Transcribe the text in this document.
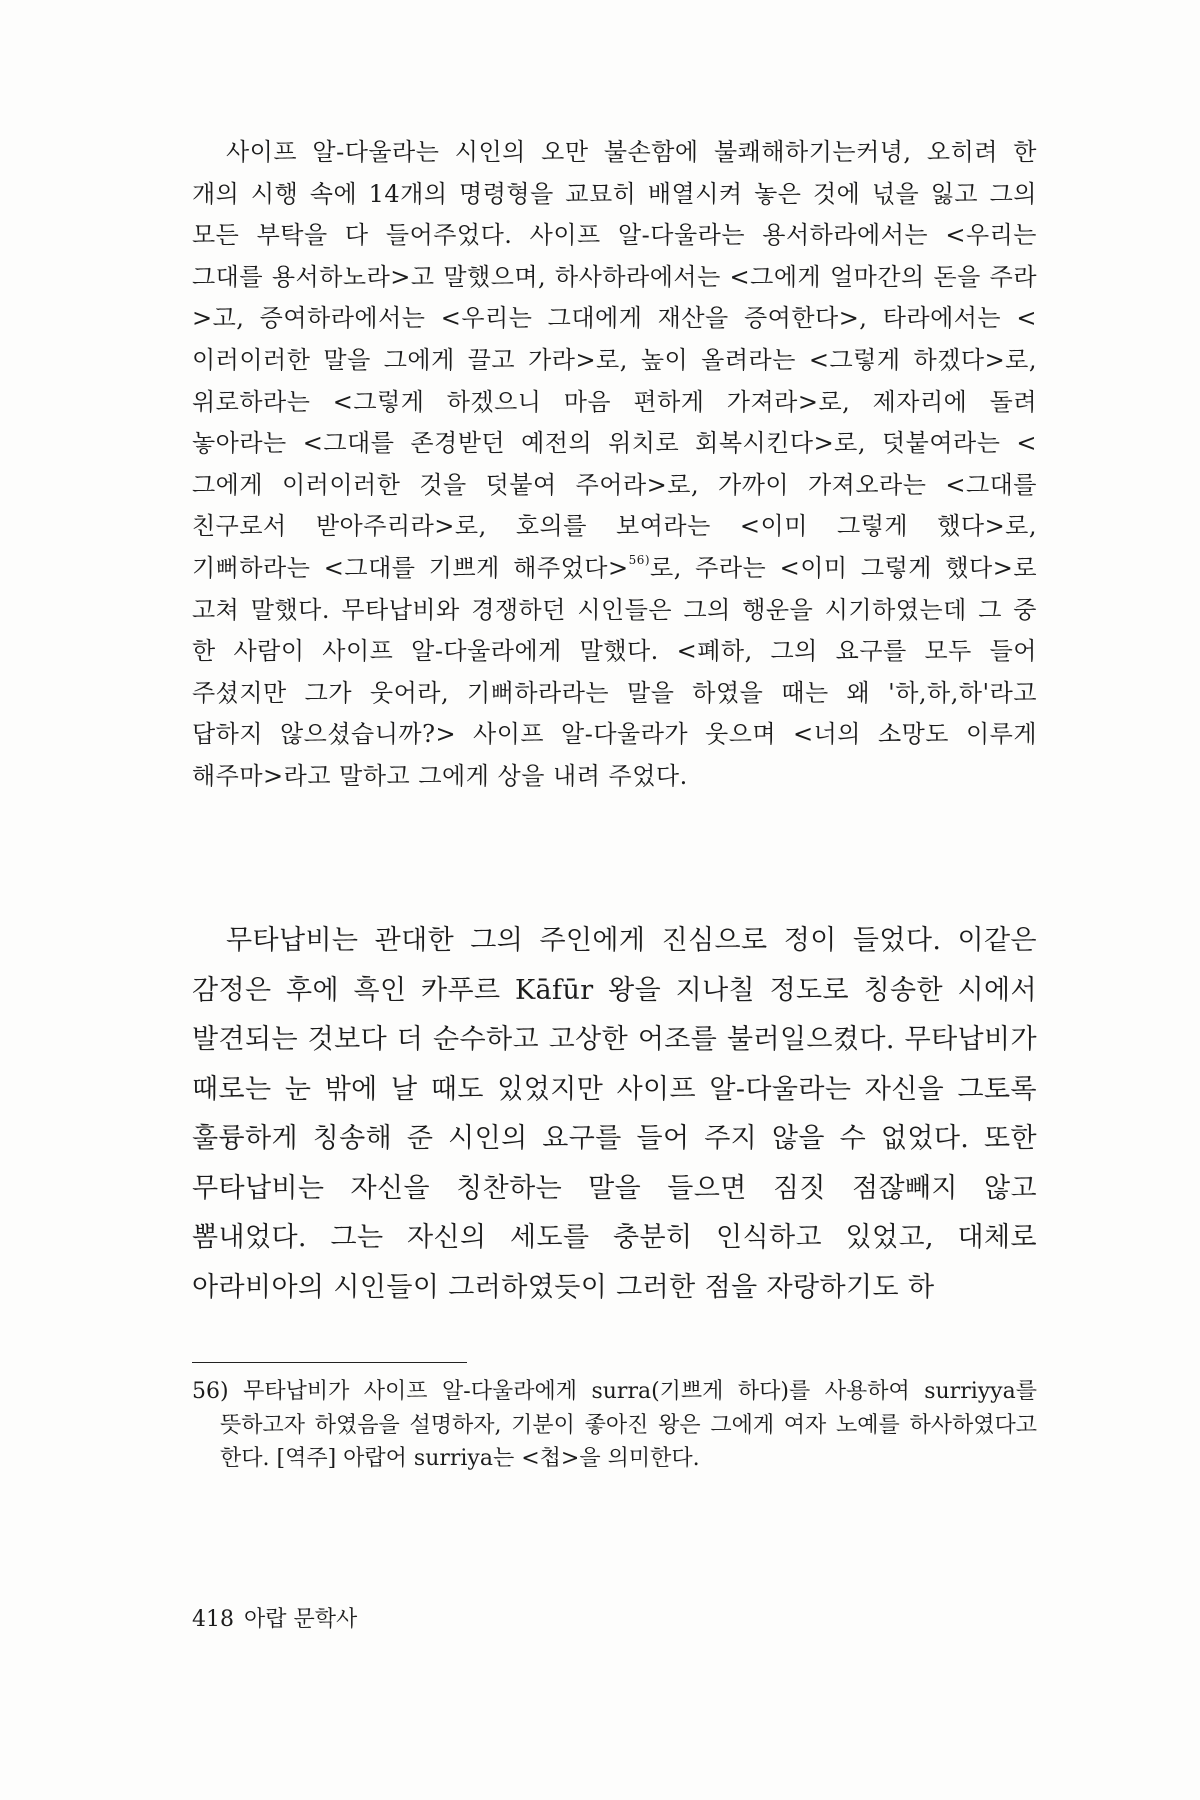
사이프 알-다울라는 시인의 오만 불손함에 불쾌해하기는커녕, 오히려 한 개의 시행 속에 14개의 명령형을 교묘히 배열시켜 놓은 것에 넋을 잃고 그의 모든 부탁을 다 들어주었다. 사이프 알-다울라는 용서하라에서는 <우리는 그대를 용서하노라>고 말했으며, 하사하라에서는 <그에게 얼마간의 돈을 주라>고, 증여하라에서는 <우리는 그대에게 재산을 증여한다>, 타라에서는 <이러이러한 말을 그에게 끌고 가라>로, 높이 올려라는 <그렇게 하겠다>로, 위로하라는 <그렇게 하겠으니 마음 편하게 가져라>로, 제자리에 돌려 놓아라는 <그대를 존경받던 예전의 위치로 회복시킨다>로, 덧붙여라는 <그에게 이러이러한 것을 덧붙여 주어라>로, 가까이 가져오라는 <그대를 친구로서 받아주리라>로, 호의를 보여라는 <이미 그렇게 했다>로, 기뻐하라는 <그대를 기쁘게 해주었다>$^{56)}$로, 주라는 <이미 그렇게 했다>로 고쳐 말했다. 무타납비와 경쟁하던 시인들은 그의 행운을 시기하였는데 그 중 한 사람이 사이프 알-다울라에게 말했다. <폐하, 그의 요구를 모두 들어 주셨지만 그가 웃어라, 기뻐하라라는 말을 하였을 때는 왜 '하,하,하'라고 답하지 않으셨습니까?> 사이프 알-다울라가 웃으며 <너의 소망도 이루게 해주마>라고 말하고 그에게 상을 내려 주었다.

무타납비는 관대한 그의 주인에게 진심으로 정이 들었다. 이같은 감정은 후에 흑인 카푸르 Kāfūr 왕을 지나칠 정도로 칭송한 시에서 발견되는 것보다 더 순수하고 고상한 어조를 불러일으켰다. 무타납비가 때로는 눈 밖에 날 때도 있었지만 사이프 알-다울라는 자신을 그토록 훌륭하게 칭송해 준 시인의 요구를 들어 주지 않을 수 없었다. 또한 무타납비는 자신을 칭찬하는 말을 들으면 짐짓 점잖빼지 않고 뽐내었다. 그는 자신의 세도를 충분히 인식하고 있었고, 대체로 아라비아의 시인들이 그러하였듯이 그러한 점을 자랑하기도 하

56) 무타납비가 사이프 알-다울라에게 surra(기쁘게 하다)를 사용하여 surriyya를 뜻하고자 하였음을 설명하자, 기분이 좋아진 왕은 그에게 여자 노예를 하사하였다고 한다. [역주] 아랍어 surriya는 <첩>을 의미한다.

418 아랍 문학사
